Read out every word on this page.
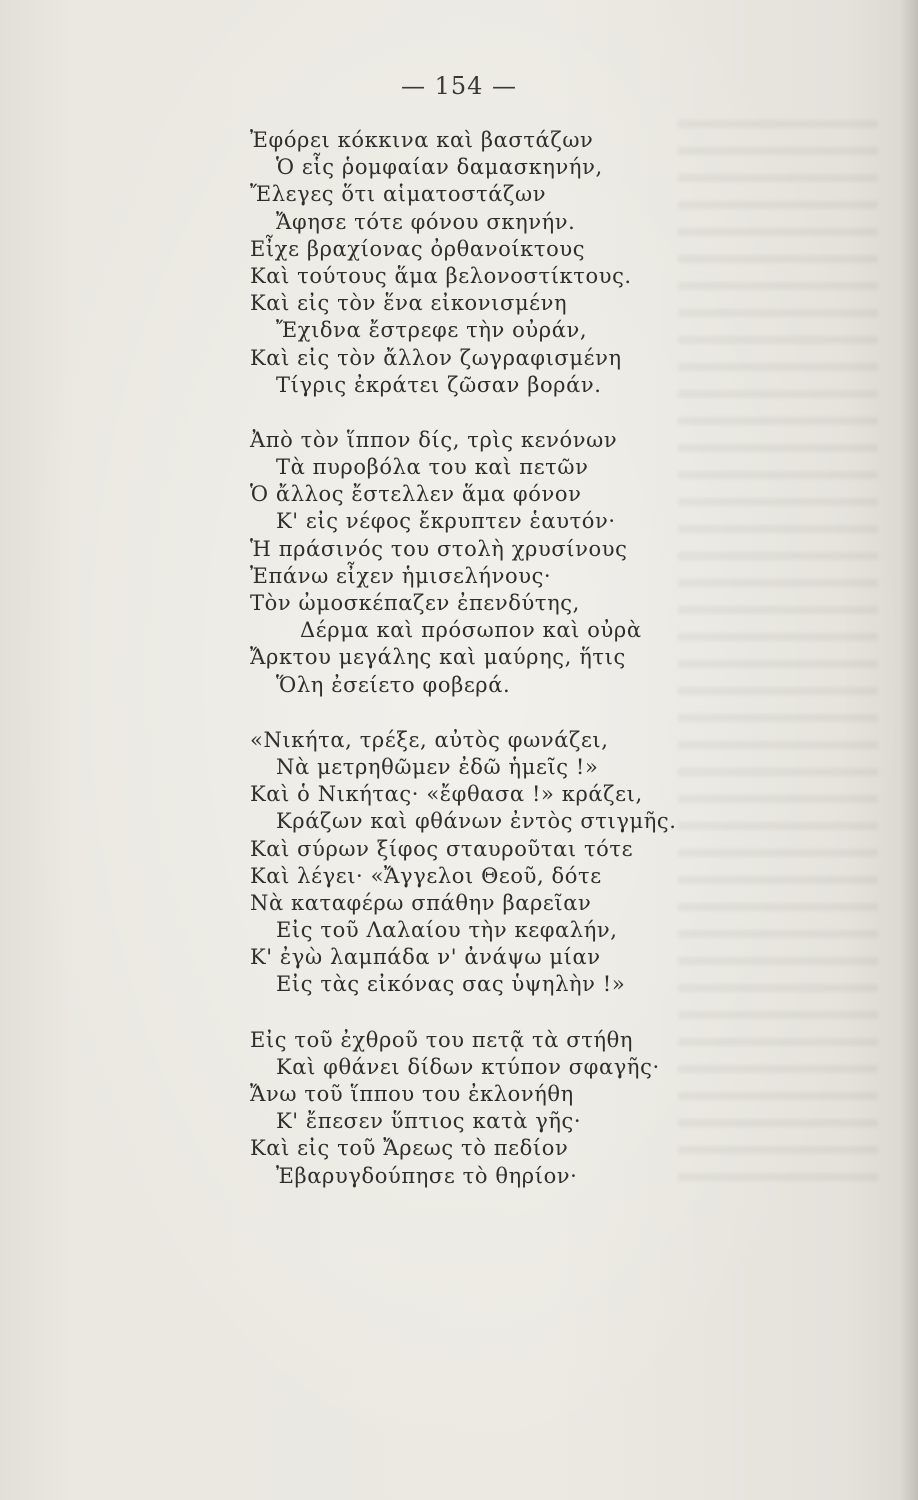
— 154 —
Ἐφόρει κόκκινα καὶ βαστάζων
Ὁ εἷς ῥομφαίαν δαμασκηνήν,
Ἔλεγες ὅτι αἱματοστάζων
Ἄφησε τότε φόνου σκηνήν.
Εἶχε βραχίονας ὀρθανοίκτους
Καὶ τούτους ἅμα βελονοστίκτους.
Καὶ εἰς τὸν ἕνα εἰκονισμένη
Ἔχιδνα ἔστρεφε τὴν οὐράν,
Καὶ εἰς τὸν ἄλλον ζωγραφισμένη
Τίγρις ἐκράτει ζῶσαν βοράν.
Ἀπὸ τὸν ἵππον δίς, τρὶς κενόνων
Τὰ πυροβόλα του καὶ πετῶν
Ὁ ἄλλος ἔστελλεν ἅμα φόνον
Κ' εἰς νέφος ἔκρυπτεν ἑαυτόν·
Ἡ πράσινός του στολὴ χρυσίνους
Ἐπάνω εἶχεν ἡμισελήνους·
Τὸν ὠμοσκέπαζεν ἐπενδύτης,
Δέρμα καὶ πρόσωπον καὶ οὐρὰ
Ἄρκτου μεγάλης καὶ μαύρης, ἥτις
Ὅλη ἐσείετο φοβερά.
«Νικήτα, τρέξε, αὐτὸς φωνάζει,
Νὰ μετρηθῶμεν ἐδῶ ἡμεῖς !»
Καὶ ὁ Νικήτας· «ἔφθασα !» κράζει,
Κράζων καὶ φθάνων ἐντὸς στιγμῆς.
Καὶ σύρων ξίφος σταυροῦται τότε
Καὶ λέγει· «Ἄγγελοι Θεοῦ, δότε
Νὰ καταφέρω σπάθην βαρεῖαν
Εἰς τοῦ Λαλαίου τὴν κεφαλήν,
Κ' ἐγὼ λαμπάδα ν' ἀνάψω μίαν
Εἰς τὰς εἰκόνας σας ὑψηλὴν !»
Εἰς τοῦ ἐχθροῦ του πετᾷ τὰ στήθη
Καὶ φθάνει δίδων κτύπον σφαγῆς·
Ἄνω τοῦ ἵππου του ἐκλονήθη
Κ' ἔπεσεν ὕπτιος κατὰ γῆς·
Καὶ εἰς τοῦ Ἄρεως τὸ πεδίον
Ἐβαρυγδούπησε τὸ θηρίον·
